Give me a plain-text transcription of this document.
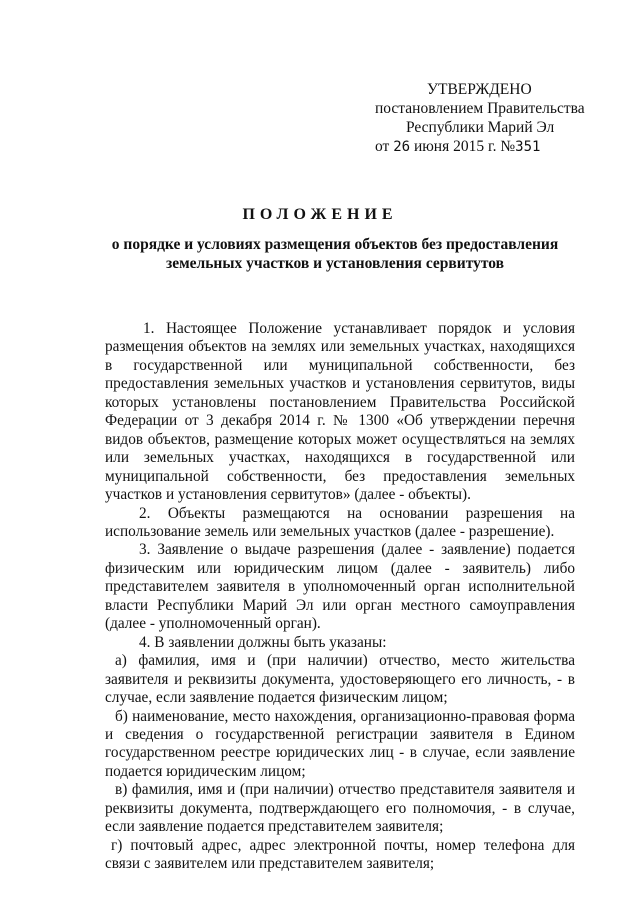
УТВЕРЖДЕНО
постановлением Правительства
Республики Марий Эл
от 26 июня 2015 г. №351
ПОЛОЖЕНИЕ
о порядке и условиях размещения объектов без предоставления земельных участков и установления сервитутов

1. Настоящее Положение устанавливает порядок и условия размещения объектов на землях или земельных участках, находящихся в государственной или муниципальной собственности, без предоставления земельных участков и установления сервитутов, виды которых установлены постановлением Правительства Российской Федерации от 3 декабря 2014 г. № 1300 «Об утверждении перечня видов объектов, размещение которых может осуществляться на землях или земельных участках, находящихся в государственной или муниципальной собственности, без предоставления земельных участков и установления сервитутов» (далее - объекты).

2. Объекты размещаются на основании разрешения на использование земель или земельных участков (далее - разрешение).

3. Заявление о выдаче разрешения (далее - заявление) подается физическим или юридическим лицом (далее - заявитель) либо представителем заявителя в уполномоченный орган исполнительной власти Республики Марий Эл или орган местного самоуправления (далее - уполномоченный орган).

4. В заявлении должны быть указаны:

а) фамилия, имя и (при наличии) отчество, место жительства заявителя и реквизиты документа, удостоверяющего его личность, - в случае, если заявление подается физическим лицом;

б) наименование, место нахождения, организационно-правовая форма и сведения о государственной регистрации заявителя в Едином государственном реестре юридических лиц - в случае, если заявление подается юридическим лицом;

в) фамилия, имя и (при наличии) отчество представителя заявителя и реквизиты документа, подтверждающего его полномочия, - в случае, если заявление подается представителем заявителя;

г) почтовый адрес, адрес электронной почты, номер телефона для связи с заявителем или представителем заявителя;
